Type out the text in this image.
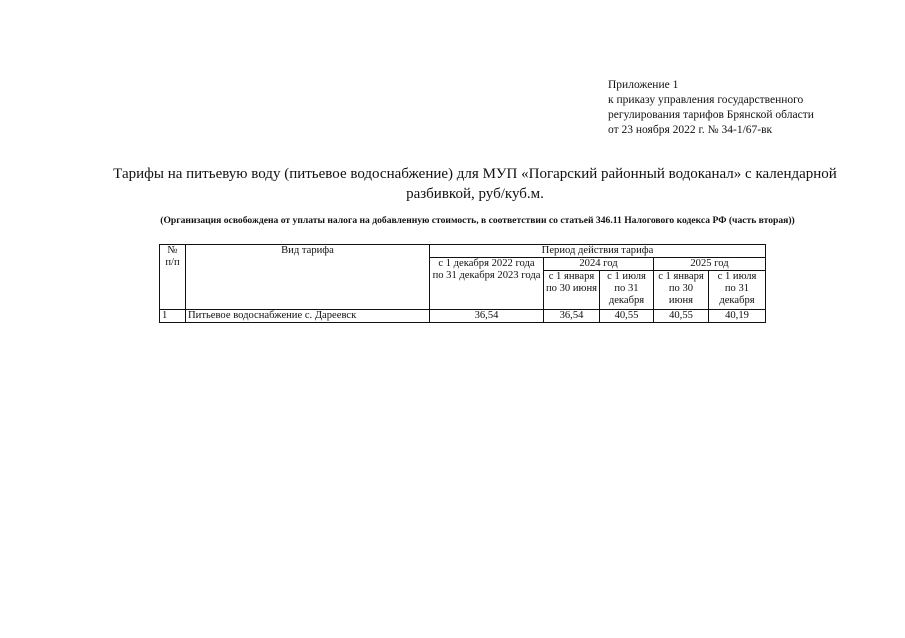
Приложение 1
к приказу управления государственного
регулирования тарифов Брянской области
от 23 ноября 2022 г. № 34-1/67-вк
Тарифы на питьевую воду (питьевое водоснабжение) для МУП «Погарский районный водоканал» с календарной
разбивкой, руб/куб.м.
(Организация освобождена от уплаты налога на добавленную стоимость, в соответствии со статьей 346.11 Налогового кодекса РФ (часть вторая))
№
п/п	Вид тарифа	Период действия тарифа				
		с 1 декабря 2022 года по 31 декабря 2023 года	2024 год		2025 год	
			с 1 января по 30 июня	с 1 июля по 31 декабря	с 1 января по 30 июня	с 1 июля по 31 декабря
1	Питьевое водоснабжение с. Дареевск	36,54	36,54	40,55	40,55	40,19
